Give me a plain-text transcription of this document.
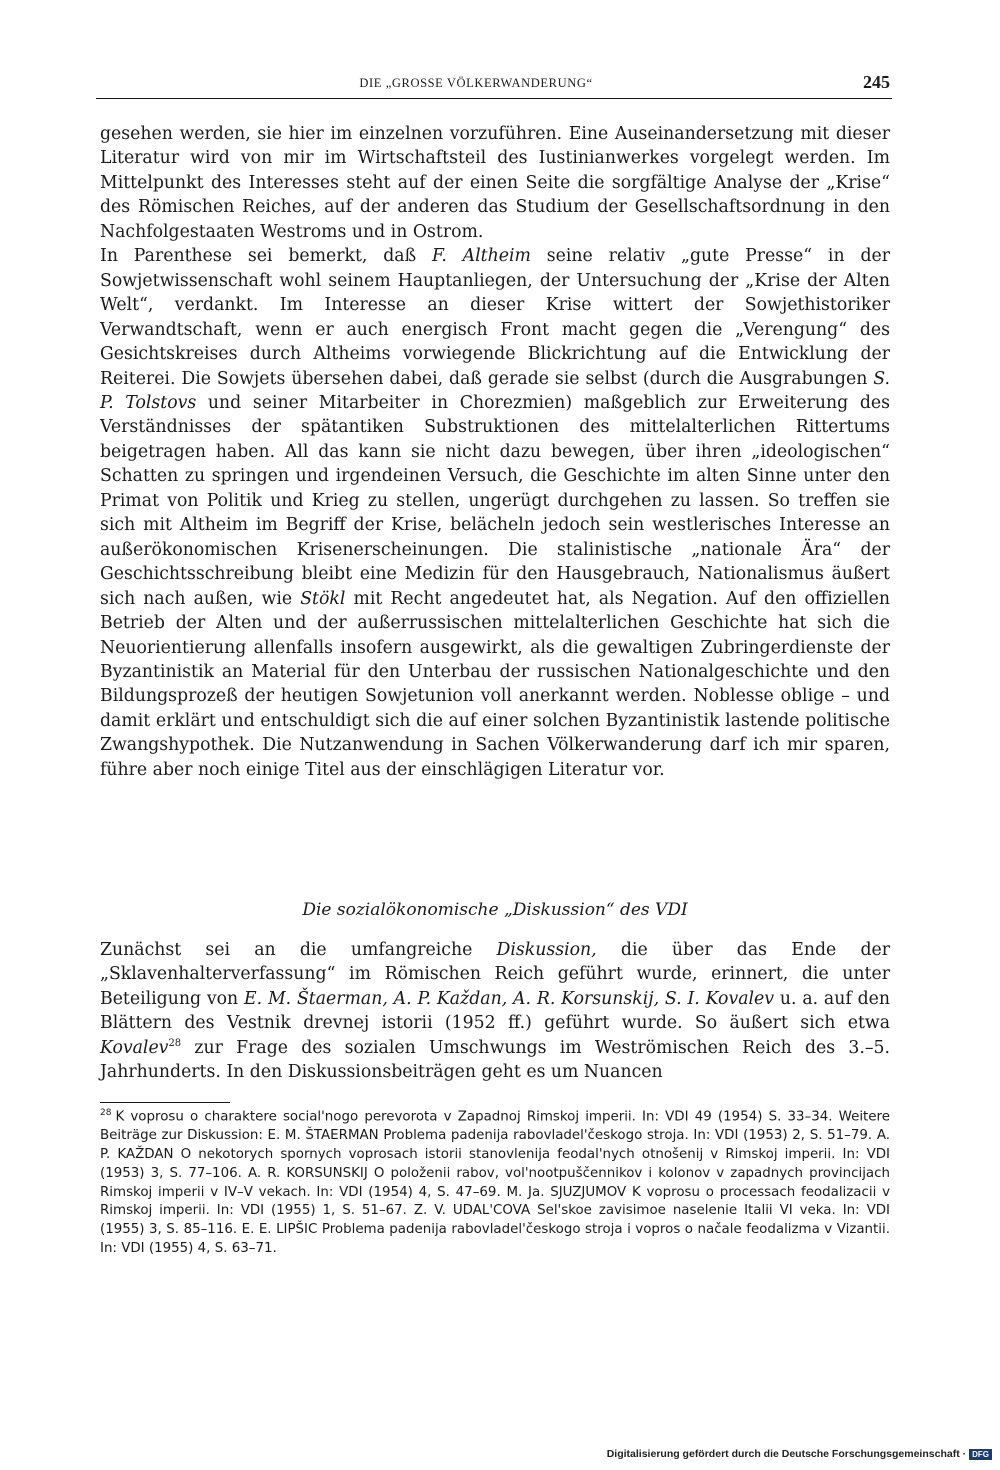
DIE „GROSSE VÖLKERWANDERUNG“	245

gesehen werden, sie hier im einzelnen vorzuführen. Eine Auseinandersetzung mit dieser Literatur wird von mir im Wirtschaftsteil des Iustinianwerkes vorgelegt werden. Im Mittelpunkt des Interesses steht auf der einen Seite die sorgfältige Analyse der „Krise“ des Römischen Reiches, auf der anderen das Studium der Gesellschaftsordnung in den Nachfolgestaaten Westroms und in Ostrom.

In Parenthese sei bemerkt, daß F. Altheim seine relativ „gute Presse“ in der Sowjetwissenschaft wohl seinem Hauptanliegen, der Untersuchung der „Krise der Alten Welt“, verdankt. Im Interesse an dieser Krise wittert der Sowjethistoriker Verwandtschaft, wenn er auch energisch Front macht gegen die „Verengung“ des Gesichtskreises durch Altheims vorwiegende Blickrichtung auf die Entwicklung der Reiterei. Die Sowjets übersehen dabei, daß gerade sie selbst (durch die Ausgrabungen S. P. Tolstovs und seiner Mitarbeiter in Chorezmien) maßgeblich zur Erweiterung des Verständnisses der spätantiken Substruktionen des mittelalterlichen Rittertums beigetragen haben. All das kann sie nicht dazu bewegen, über ihren „ideologischen“ Schatten zu springen und irgendeinen Versuch, die Geschichte im alten Sinne unter den Primat von Politik und Krieg zu stellen, ungerügt durchgehen zu lassen. So treffen sie sich mit Altheim im Begriff der Krise, belächeln jedoch sein westlerisches Interesse an außerökonomischen Krisenerscheinungen. Die stalinistische „nationale Ära“ der Geschichtsschreibung bleibt eine Medizin für den Hausgebrauch, Nationalismus äußert sich nach außen, wie Stökl mit Recht angedeutet hat, als Negation. Auf den offiziellen Betrieb der Alten und der außerrussischen mittelalterlichen Geschichte hat sich die Neuorientierung allenfalls insofern ausgewirkt, als die gewaltigen Zubringerdienste der Byzantinistik an Material für den Unterbau der russischen Nationalgeschichte und den Bildungsprozeß der heutigen Sowjetunion voll anerkannt werden. Noblesse oblige – und damit erklärt und entschuldigt sich die auf einer solchen Byzantinistik lastende politische Zwangshypothek. Die Nutzanwendung in Sachen Völkerwanderung darf ich mir sparen, führe aber noch einige Titel aus der einschlägigen Literatur vor.

Die sozialökonomische „Diskussion“ des VDI

Zunächst sei an die umfangreiche Diskussion, die über das Ende der „Sklavenhalterverfassung“ im Römischen Reich geführt wurde, erinnert, die unter Beteiligung von E. M. Štaerman, A. P. Každan, A. R. Korsunskij, S. I. Kovalev u. a. auf den Blättern des Vestnik drevnej istorii (1952 ff.) geführt wurde. So äußert sich etwa Kovalev$^{28}$ zur Frage des sozialen Umschwungs im Weströmischen Reich des 3.–5. Jahrhunderts. In den Diskussionsbeiträgen geht es um Nuancen

$^{28}$ K voprosu o charaktere social'nogo perevorota v Zapadnoj Rimskoj imperii. In: VDI 49 (1954) S. 33–34. Weitere Beiträge zur Diskussion: E. M. ŠTAERMAN Problema padenija rabovladel'českogo stroja. In: VDI (1953) 2, S. 51–79. A. P. KAŽDAN O nekotorych spornych voprosach istorii stanovlenija feodal'nych otnošenij v Rimskoj imperii. In: VDI (1953) 3, S. 77–106. A. R. KORSUNSKIJ O položenii rabov, vol'nootpuščennikov i kolonov v zapadnych provincijach Rimskoj imperii v IV–V vekach. In: VDI (1954) 4, S. 47–69. M. Ja. SJUZJUMOV K voprosu o processach feodalizacii v Rimskoj imperii. In: VDI (1955) 1, S. 51–67. Z. V. UDAL'COVA Sel'skoe zavisimoe naselenie Italii VI veka. In: VDI (1955) 3, S. 85–116. E. E. LIPŠIC Problema padenija rabovladel'českogo stroja i vopros o načale feodalizma v Vizantii. In: VDI (1955) 4, S. 63–71.
Digitalisierung gefördert durch die Deutsche Forschungsgemeinschaft · DFG
